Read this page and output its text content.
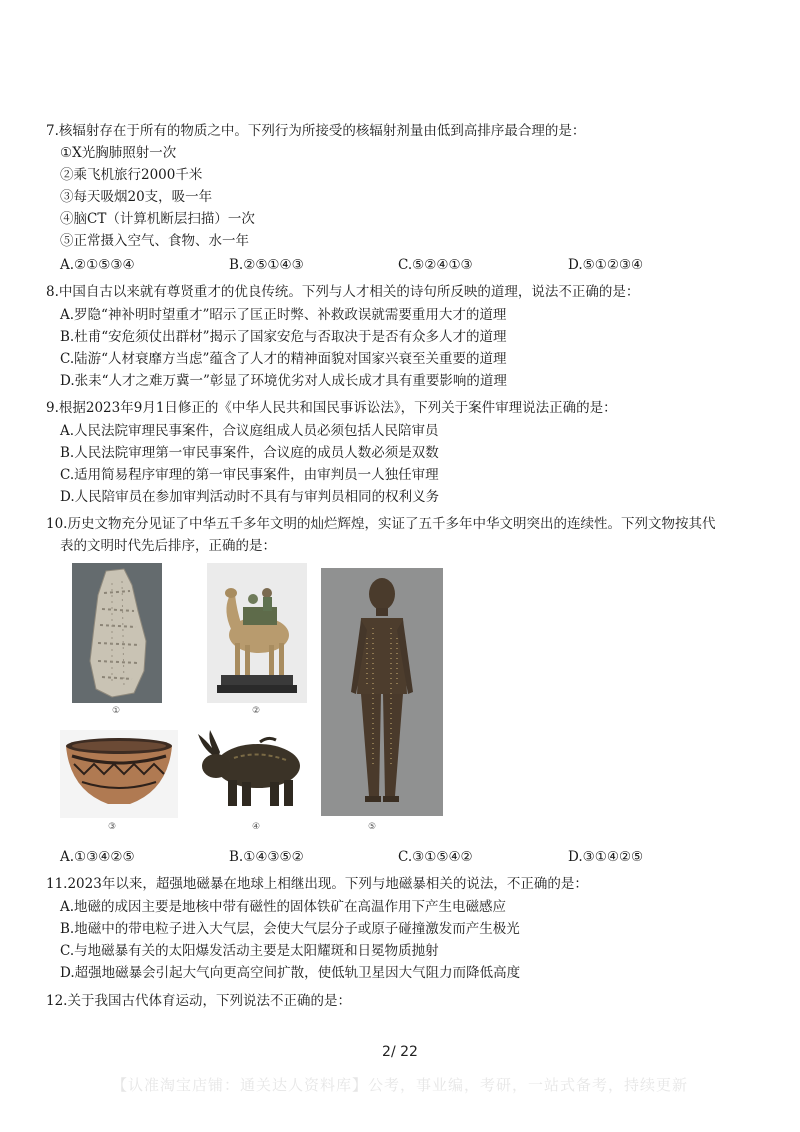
7.核辐射存在于所有的物质之中。下列行为所接受的核辐射剂量由低到高排序最合理的是：
①X光胸肺照射一次
②乘飞机旅行2000千米
③每天吸烟20支，吸一年
④脑CT（计算机断层扫描）一次
⑤正常摄入空气、食物、水一年
A.②①⑤③④	B.②⑤①④③	C.⑤②④①③	D.⑤①②③④
8.中国自古以来就有尊贤重才的优良传统。下列与人才相关的诗句所反映的道理，说法不正确的是：
A.罗隐“神补明时望重才”昭示了匡正时弊、补救政误就需要重用大才的道理
B.杜甫“安危须仗出群材”揭示了国家安危与否取决于是否有众多人才的道理
C.陆游“人材衰靡方当虑”蕴含了人才的精神面貌对国家兴衰至关重要的道理
D.张耒“人才之难万冀一”彰显了环境优劣对人成长成才具有重要影响的道理
9.根据2023年9月1日修正的《中华人民共和国民事诉讼法》，下列关于案件审理说法正确的是：
A.人民法院审理民事案件，合议庭组成人员必须包括人民陪审员
B.人民法院审理第一审民事案件，合议庭的成员人数必须是双数
C.适用简易程序审理的第一审民事案件，由审判员一人独任审理
D.人民陪审员在参加审判活动时不具有与审判员相同的权利义务
10.历史文物充分见证了中华五千多年文明的灿烂辉煌，实证了五千多年中华文明突出的连续性。下列文物按其代
表的文明时代先后排序，正确的是：
①	②
③	④	⑤
A.①③④②⑤	B.①④③⑤②	C.③①⑤④②	D.③①④②⑤
11.2023年以来，超强地磁暴在地球上相继出现。下列与地磁暴相关的说法，不正确的是：
A.地磁的成因主要是地核中带有磁性的固体铁矿在高温作用下产生电磁感应
B.地磁中的带电粒子进入大气层，会使大气层分子或原子碰撞激发而产生极光
C.与地磁暴有关的太阳爆发活动主要是太阳耀斑和日冕物质抛射
D.超强地磁暴会引起大气向更高空间扩散，使低轨卫星因大气阻力而降低高度
12.关于我国古代体育运动，下列说法不正确的是：
2/ 22
【认准淘宝店铺：通关达人资料库】公考，事业编，考研，一站式备考，持续更新
